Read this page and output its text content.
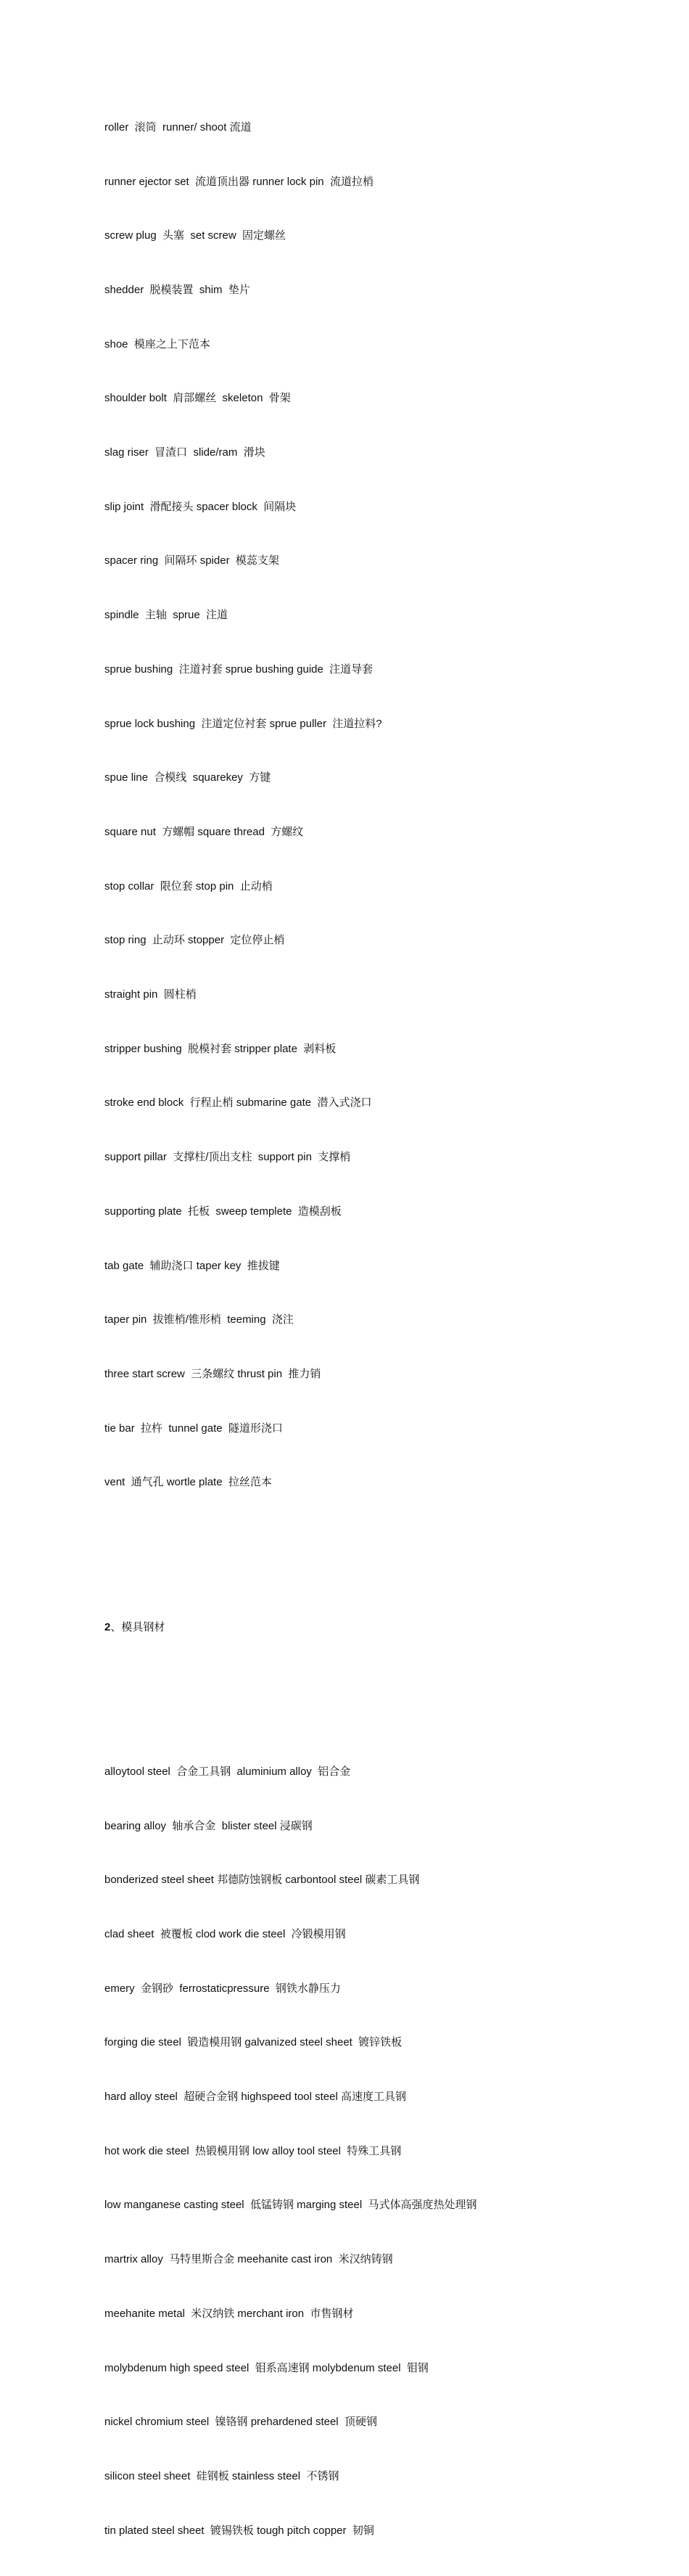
roller  滚筒  runner/ shoot 流道

runner ejector set  流道顶出器 runner lock pin  流道拉梢

screw plug  头塞  set screw  固定螺丝

shedder  脱模装置  shim  垫片

shoe  模座之上下范本

shoulder bolt  肩部螺丝  skeleton  骨架

slag riser  冒渣口  slide/ram  滑块

slip joint  滑配接头 spacer block  间隔块

spacer ring  间隔环 spider  模蕊支架

spindle  主轴  sprue  注道

sprue bushing  注道衬套 sprue bushing guide  注道导套

sprue lock bushing  注道定位衬套 sprue puller  注道拉料?

spue line  合模线  squarekey  方键

square nut  方螺帽 square thread  方螺纹

stop collar  限位套 stop pin  止动梢

stop ring  止动环 stopper  定位停止梢

straight pin  圆柱梢

stripper bushing  脱模衬套 stripper plate  剥料板

stroke end block  行程止梢 submarine gate  潜入式浇口

support pillar  支撑柱/顶出支柱  support pin  支撑梢

supporting plate  托板  sweep templete  造模刮板

tab gate  辅助浇口 taper key  推拔键

taper pin  拔锥梢/锥形梢  teeming  浇注

three start screw  三条螺纹 thrust pin  推力销

tie bar  拉杵  tunnel gate  隧道形浇口

vent  通气孔 wortle plate  拉丝范本

2、模具钢材

alloytool steel  合金工具钢  aluminium alloy  铝合金

bearing alloy  轴承合金  blister steel 浸碳钢

bonderized steel sheet 邦德防蚀钢板 carbontool steel 碳素工具钢

clad sheet  被覆板 clod work die steel  冷锻模用钢

emery  金钢砂  ferrostaticpressure  钢铁水静压力

forging die steel  锻造模用钢 galvanized steel sheet  镀锌铁板

hard alloy steel  超硬合金钢 highspeed tool steel 高速度工具钢

hot work die steel  热锻模用钢 low alloy tool steel  特殊工具钢

low manganese casting steel  低锰铸钢 marging steel  马式体高强度热处理钢

martrix alloy  马特里斯合金 meehanite cast iron  米汉纳铸钢

meehanite metal  米汉纳铁 merchant iron  市售钢材

molybdenum high speed steel  钼系高速钢 molybdenum steel  钼钢

nickel chromium steel  镍铬钢 prehardened steel  顶硬钢

silicon steel sheet  硅钢板 stainless steel  不锈钢

tin plated steel sheet  镀锡铁板 tough pitch copper  韧铜
